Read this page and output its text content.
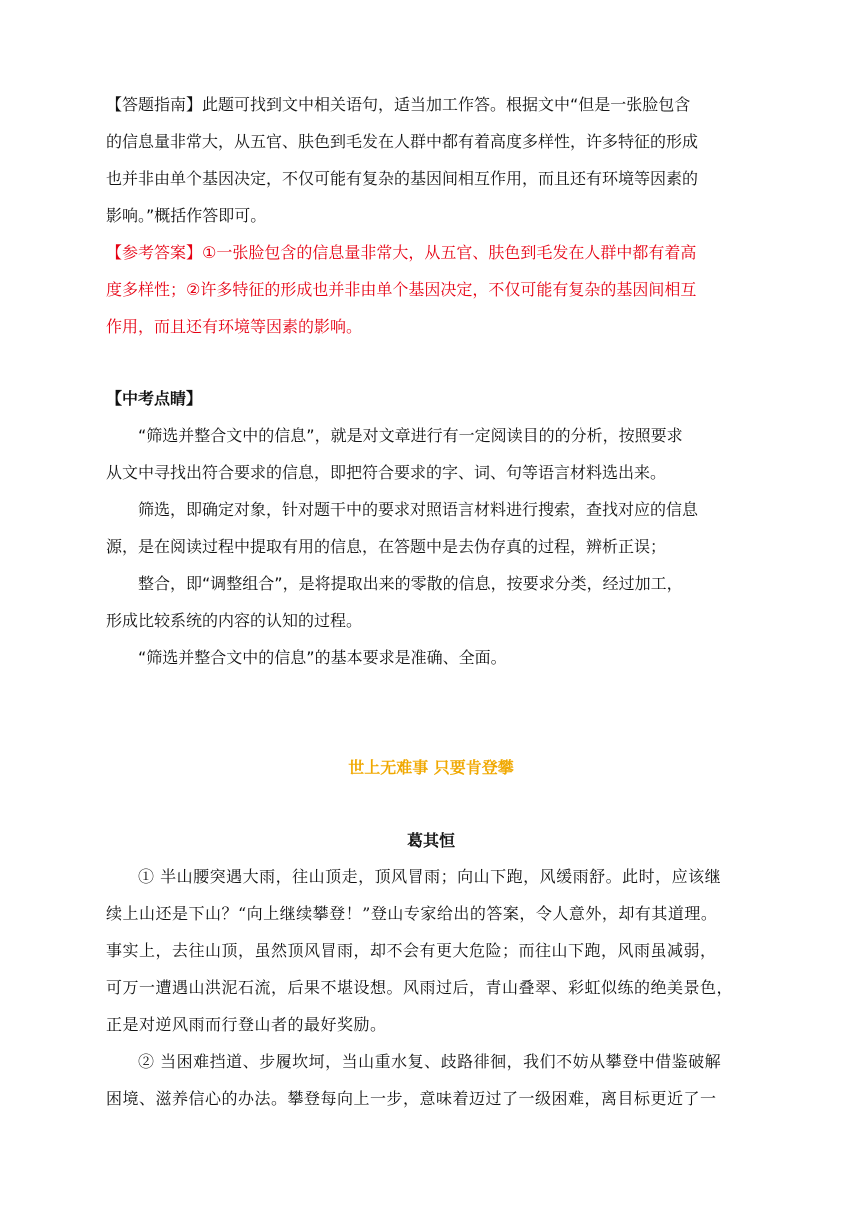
【答题指南】此题可找到文中相关语句，适当加工作答。根据文中“但是一张脸包含
的信息量非常大，从五官、肤色到毛发在人群中都有着高度多样性，许多特征的形成
也并非由单个基因决定，不仅可能有复杂的基因间相互作用，而且还有环境等因素的
影响。”概括作答即可。
【参考答案】①一张脸包含的信息量非常大，从五官、肤色到毛发在人群中都有着高
度多样性；②许多特征的形成也并非由单个基因决定，不仅可能有复杂的基因间相互
作用，而且还有环境等因素的影响。
【中考点睛】
“筛选并整合文中的信息”，就是对文章进行有一定阅读目的的分析，按照要求
从文中寻找出符合要求的信息，即把符合要求的字、词、句等语言材料选出来。
筛选，即确定对象，针对题干中的要求对照语言材料进行搜索，查找对应的信息
源，是在阅读过程中提取有用的信息，在答题中是去伪存真的过程，辨析正误；
整合，即“调整组合”，是将提取出来的零散的信息，按要求分类，经过加工，
形成比较系统的内容的认知的过程。
“筛选并整合文中的信息”的基本要求是准确、全面。
世上无难事 只要肯登攀
葛其恒
① 半山腰突遇大雨，往山顶走，顶风冒雨；向山下跑，风缓雨舒。此时，应该继
续上山还是下山？“向上继续攀登！”登山专家给出的答案，令人意外，却有其道理。
事实上，去往山顶，虽然顶风冒雨，却不会有更大危险；而往山下跑，风雨虽减弱，
可万一遭遇山洪泥石流，后果不堪设想。风雨过后，青山叠翠、彩虹似练的绝美景色，
正是对逆风雨而行登山者的最好奖励。
② 当困难挡道、步履坎坷，当山重水复、歧路徘徊，我们不妨从攀登中借鉴破解
困境、滋养信心的办法。攀登每向上一步，意味着迈过了一级困难，离目标更近了一
